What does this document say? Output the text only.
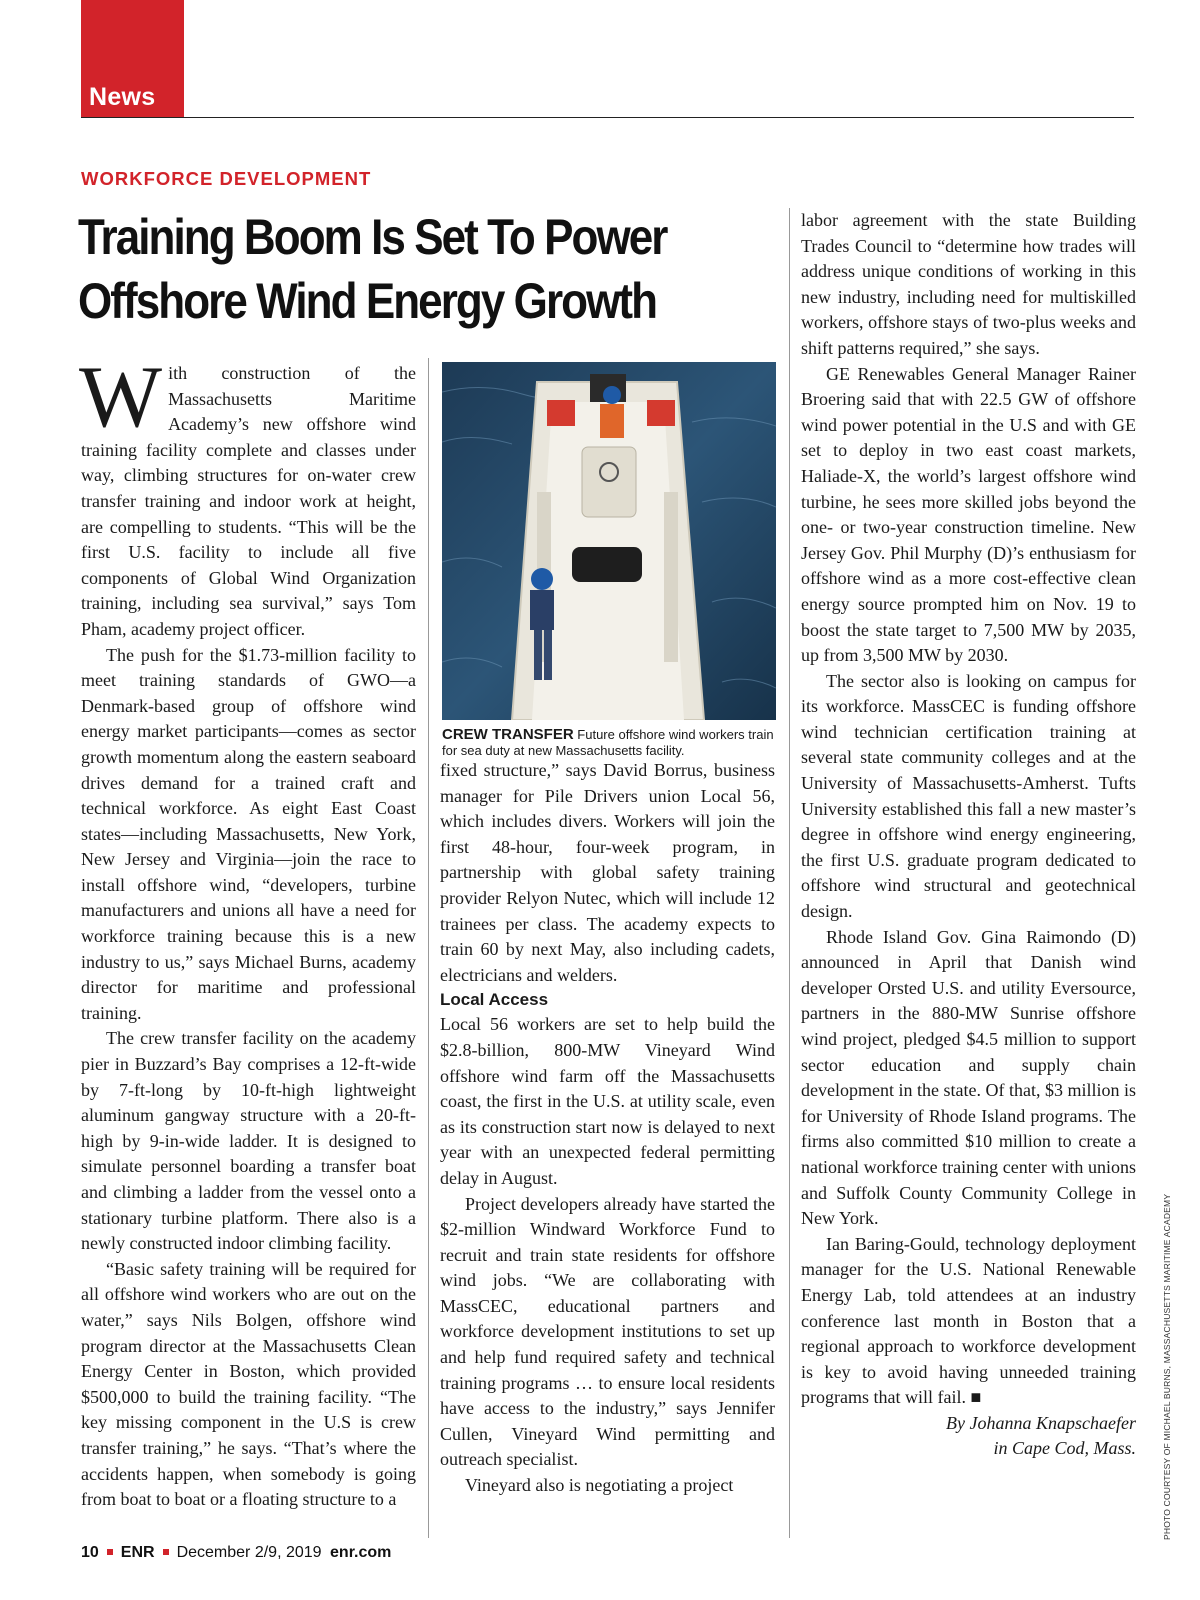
News
WORKFORCE DEVELOPMENT
Training Boom Is Set To Power Offshore Wind Energy Growth

With construction of the Massachusetts Maritime Academy’s new offshore wind training facility complete and classes under way, climbing structures for on-water crew transfer training and indoor work at height, are compelling to students. “This will be the first U.S. facility to include all five components of Global Wind Organization training, including sea survival,” says Tom Pham, academy project officer.

The push for the $1.73-million facility to meet training standards of GWO—a Denmark-based group of offshore wind energy market participants—comes as sector growth momentum along the eastern seaboard drives demand for a trained craft and technical workforce. As eight East Coast states—including Massachusetts, New York, New Jersey and Virginia—join the race to install offshore wind, “developers, turbine manufacturers and unions all have a need for workforce training because this is a new industry to us,” says Michael Burns, academy director for maritime and professional training.

The crew transfer facility on the academy pier in Buzzard’s Bay comprises a 12-ft-wide by 7-ft-long by 10-ft-high lightweight aluminum gangway structure with a 20-ft-high by 9-in-wide ladder. It is designed to simulate personnel boarding a transfer boat and climbing a ladder from the vessel onto a stationary turbine platform. There also is a newly constructed indoor climbing facility.

“Basic safety training will be required for all offshore wind workers who are out on the water,” says Nils Bolgen, offshore wind program director at the Massachusetts Clean Energy Center in Boston, which provided $500,000 to build the training facility. “The key missing component in the U.S is crew transfer training,” he says. “That’s where the accidents happen, when somebody is going from boat to boat or a floating structure to a

CREW TRANSFER Future offshore wind workers train for sea duty at new Massachusetts facility.

fixed structure,” says David Borrus, business manager for Pile Drivers union Local 56, which includes divers. Workers will join the first 48-hour, four-week program, in partnership with global safety training provider Relyon Nutec, which will include 12 trainees per class. The academy expects to train 60 by next May, also including cadets, electricians and welders.

Local Access

Local 56 workers are set to help build the $2.8-billion, 800-MW Vineyard Wind offshore wind farm off the Massachusetts coast, the first in the U.S. at utility scale, even as its construction start now is delayed to next year with an unexpected federal permitting delay in August.

Project developers already have started the $2-million Windward Workforce Fund to recruit and train state residents for offshore wind jobs. “We are collaborating with MassCEC, educational partners and workforce development institutions to set up and help fund required safety and technical training programs … to ensure local residents have access to the industry,” says Jennifer Cullen, Vineyard Wind permitting and outreach specialist.

Vineyard also is negotiating a project

labor agreement with the state Building Trades Council to “determine how trades will address unique conditions of working in this new industry, including need for multiskilled workers, offshore stays of two-plus weeks and shift patterns required,” she says.

GE Renewables General Manager Rainer Broering said that with 22.5 GW of offshore wind power potential in the U.S and with GE set to deploy in two east coast markets, Haliade-X, the world’s largest offshore wind turbine, he sees more skilled jobs beyond the one- or two-year construction timeline. New Jersey Gov. Phil Murphy (D)’s enthusiasm for offshore wind as a more cost-effective clean energy source prompted him on Nov. 19 to boost the state target to 7,500 MW by 2035, up from 3,500 MW by 2030.

The sector also is looking on campus for its workforce. MassCEC is funding offshore wind technician certification training at several state community colleges and at the University of Massachusetts-Amherst. Tufts University established this fall a new master’s degree in offshore wind energy engineering, the first U.S. graduate program dedicated to offshore wind structural and geotechnical design.

Rhode Island Gov. Gina Raimondo (D) announced in April that Danish wind developer Orsted U.S. and utility Eversource, partners in the 880-MW Sunrise offshore wind project, pledged $4.5 million to support sector education and supply chain development in the state. Of that, $3 million is for University of Rhode Island programs. The firms also committed $10 million to create a national workforce training center with unions and Suffolk County Community College in New York.

Ian Baring-Gould, technology deployment manager for the U.S. National Renewable Energy Lab, told attendees at an industry conference last month in Boston that a regional approach to workforce development is key to avoid having unneeded training programs that will fail. ■

By Johanna Knapschaefer
in Cape Cod, Mass.	PHOTO COURTESY OF MICHAEL BURNS, MASSACHUSETTS MARITIME ACADEMY
10 ENR December 2/9, 2019 enr.com
